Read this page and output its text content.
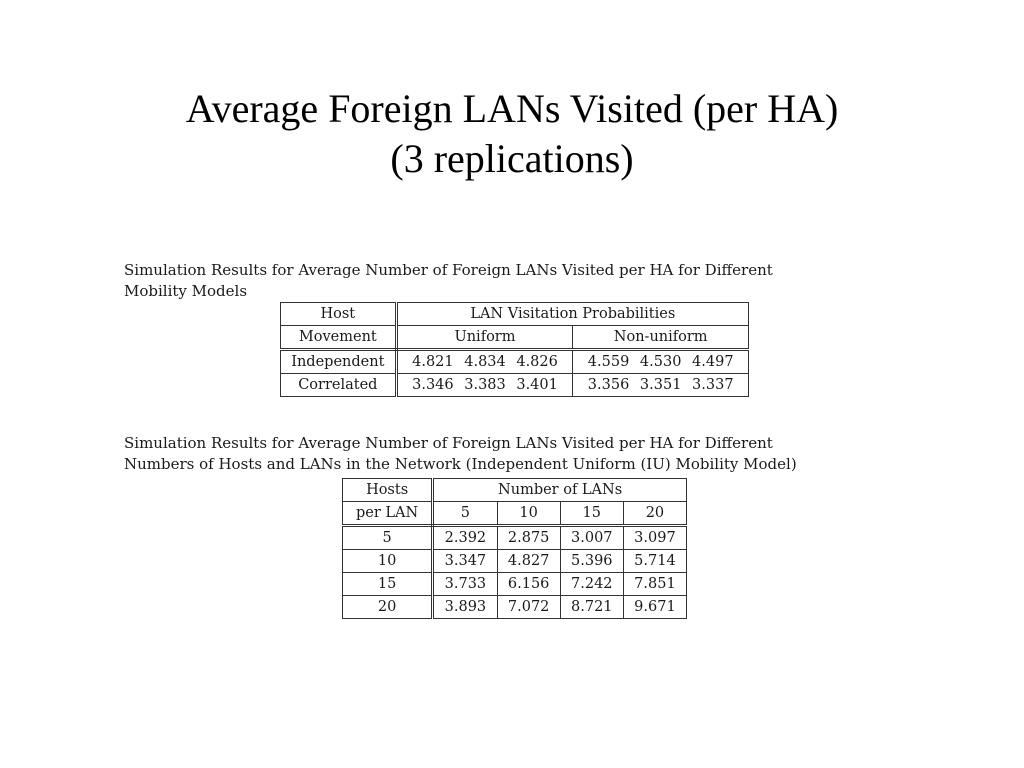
Average Foreign LANs Visited (per HA)
(3 replications)
Simulation Results for Average Number of Foreign LANs Visited per HA for Different
Mobility Models
Host	LAN Visitation Probabilities	
Movement	Uniform	Non-uniform
Independent	4.821 4.834 4.826	4.559 4.530 4.497
Correlated	3.346 3.383 3.401	3.356 3.351 3.337
Simulation Results for Average Number of Foreign LANs Visited per HA for Different
Numbers of Hosts and LANs in the Network (Independent Uniform (IU) Mobility Model)
Hosts	Number of LANs			
per LAN	5	10	15	20
5	2.392	2.875	3.007	3.097
10	3.347	4.827	5.396	5.714
15	3.733	6.156	7.242	7.851
20	3.893	7.072	8.721	9.671
